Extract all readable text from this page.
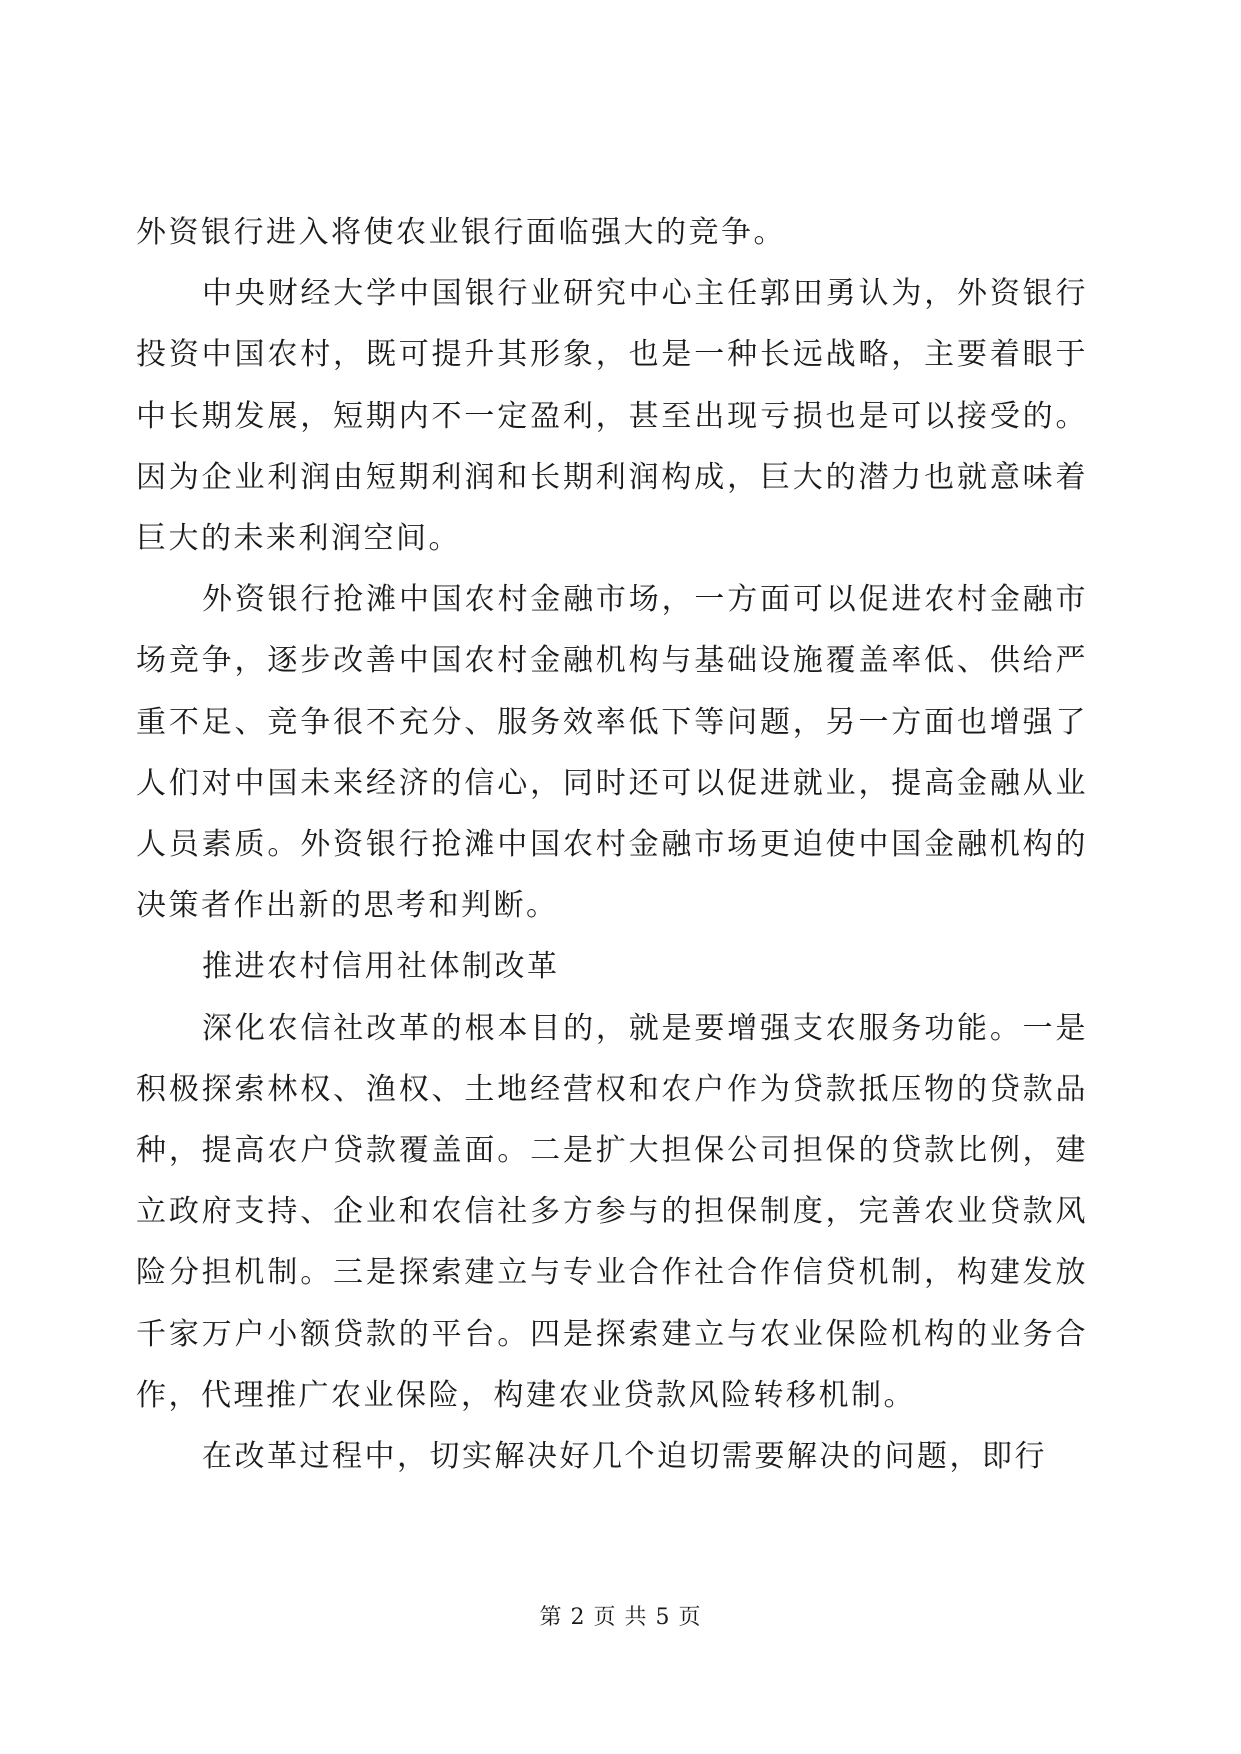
外资银行进入将使农业银行面临强大的竞争。

中央财经大学中国银行业研究中心主任郭田勇认为，外资银行投资中国农村，既可提升其形象，也是一种长远战略，主要着眼于中长期发展，短期内不一定盈利，甚至出现亏损也是可以接受的。因为企业利润由短期利润和长期利润构成，巨大的潜力也就意味着巨大的未来利润空间。

外资银行抢滩中国农村金融市场，一方面可以促进农村金融市场竞争，逐步改善中国农村金融机构与基础设施覆盖率低、供给严重不足、竞争很不充分、服务效率低下等问题，另一方面也增强了人们对中国未来经济的信心，同时还可以促进就业，提高金融从业人员素质。外资银行抢滩中国农村金融市场更迫使中国金融机构的决策者作出新的思考和判断。

推进农村信用社体制改革

深化农信社改革的根本目的，就是要增强支农服务功能。一是积极探索林权、渔权、土地经营权和农户作为贷款抵压物的贷款品种，提高农户贷款覆盖面。二是扩大担保公司担保的贷款比例，建立政府支持、企业和农信社多方参与的担保制度，完善农业贷款风险分担机制。三是探索建立与专业合作社合作信贷机制，构建发放千家万户小额贷款的平台。四是探索建立与农业保险机构的业务合作，代理推广农业保险，构建农业贷款风险转移机制。

在改革过程中，切实解决好几个迫切需要解决的问题，即行

第 2 页 共 5 页
